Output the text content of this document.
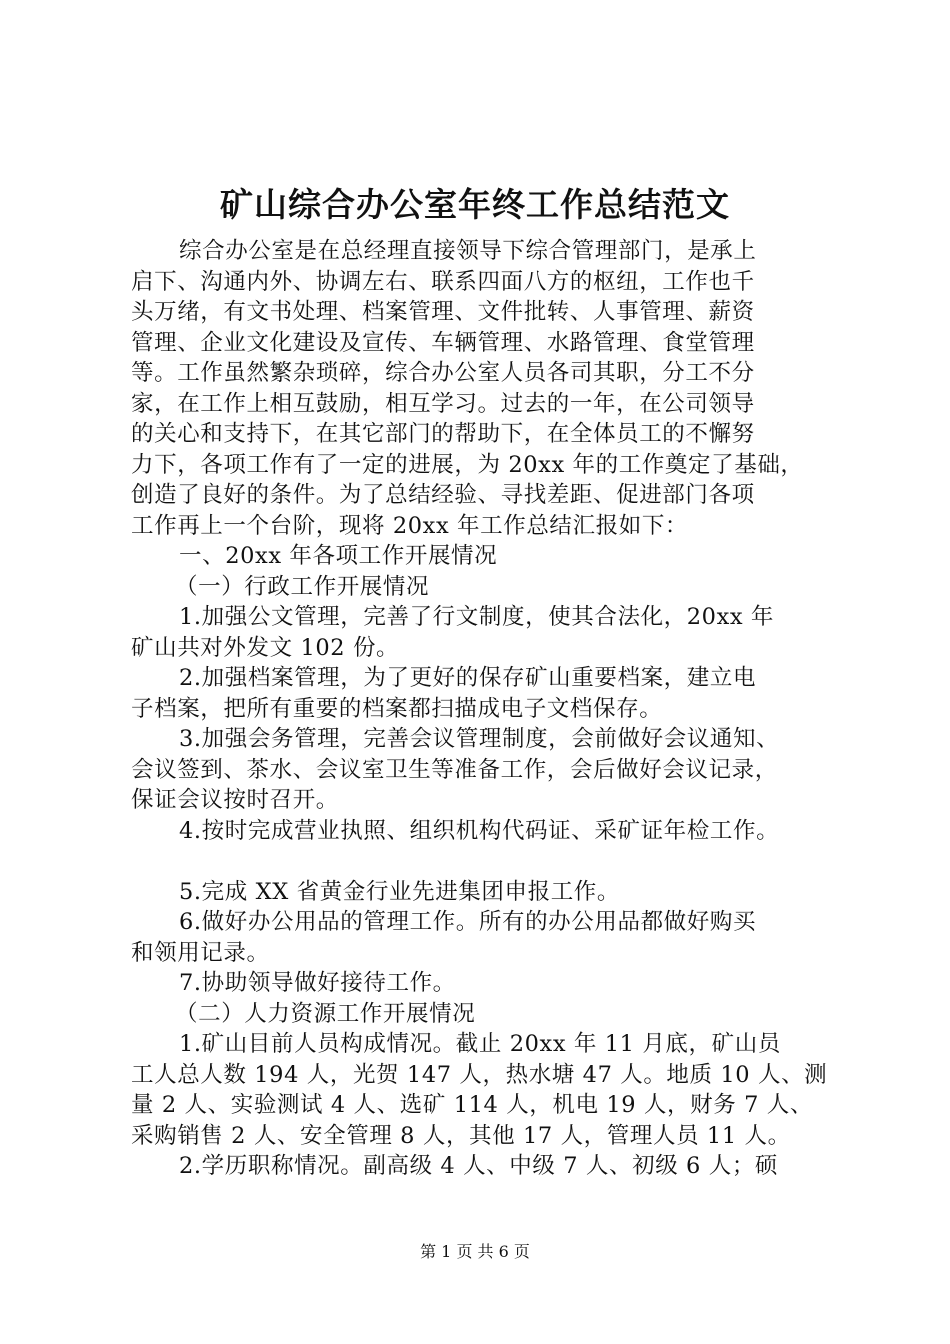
矿山综合办公室年终工作总结范文
综合办公室是在总经理直接领导下综合管理部门，是承上
启下、沟通内外、协调左右、联系四面八方的枢纽，工作也千
头万绪，有文书处理、档案管理、文件批转、人事管理、薪资
管理、企业文化建设及宣传、车辆管理、水路管理、食堂管理
等。工作虽然繁杂琐碎，综合办公室人员各司其职，分工不分
家，在工作上相互鼓励，相互学习。过去的一年，在公司领导
的关心和支持下，在其它部门的帮助下，在全体员工的不懈努
力下，各项工作有了一定的进展，为 20xx 年的工作奠定了基础，
创造了良好的条件。为了总结经验、寻找差距、促进部门各项
工作再上一个台阶，现将 20xx 年工作总结汇报如下：
一、20xx 年各项工作开展情况
（一）行政工作开展情况
1.加强公文管理，完善了行文制度，使其合法化，20xx 年
矿山共对外发文 102 份。
2.加强档案管理，为了更好的保存矿山重要档案，建立电
子档案，把所有重要的档案都扫描成电子文档保存。
3.加强会务管理，完善会议管理制度，会前做好会议通知、
会议签到、茶水、会议室卫生等准备工作，会后做好会议记录，
保证会议按时召开。
4.按时完成营业执照、组织机构代码证、采矿证年检工作。
5.完成 XX 省黄金行业先进集团申报工作。
6.做好办公用品的管理工作。所有的办公用品都做好购买
和领用记录。
7.协助领导做好接待工作。
（二）人力资源工作开展情况
1.矿山目前人员构成情况。截止 20xx 年 11 月底，矿山员
工人总人数 194 人，光贺 147 人，热水塘 47 人。地质 10 人、测
量 2 人、实验测试 4 人、选矿 114 人，机电 19 人，财务 7 人、
采购销售 2 人、安全管理 8 人，其他 17 人，管理人员 11 人。
2.学历职称情况。副高级 4 人、中级 7 人、初级 6 人；硕
第 1 页 共 6 页
